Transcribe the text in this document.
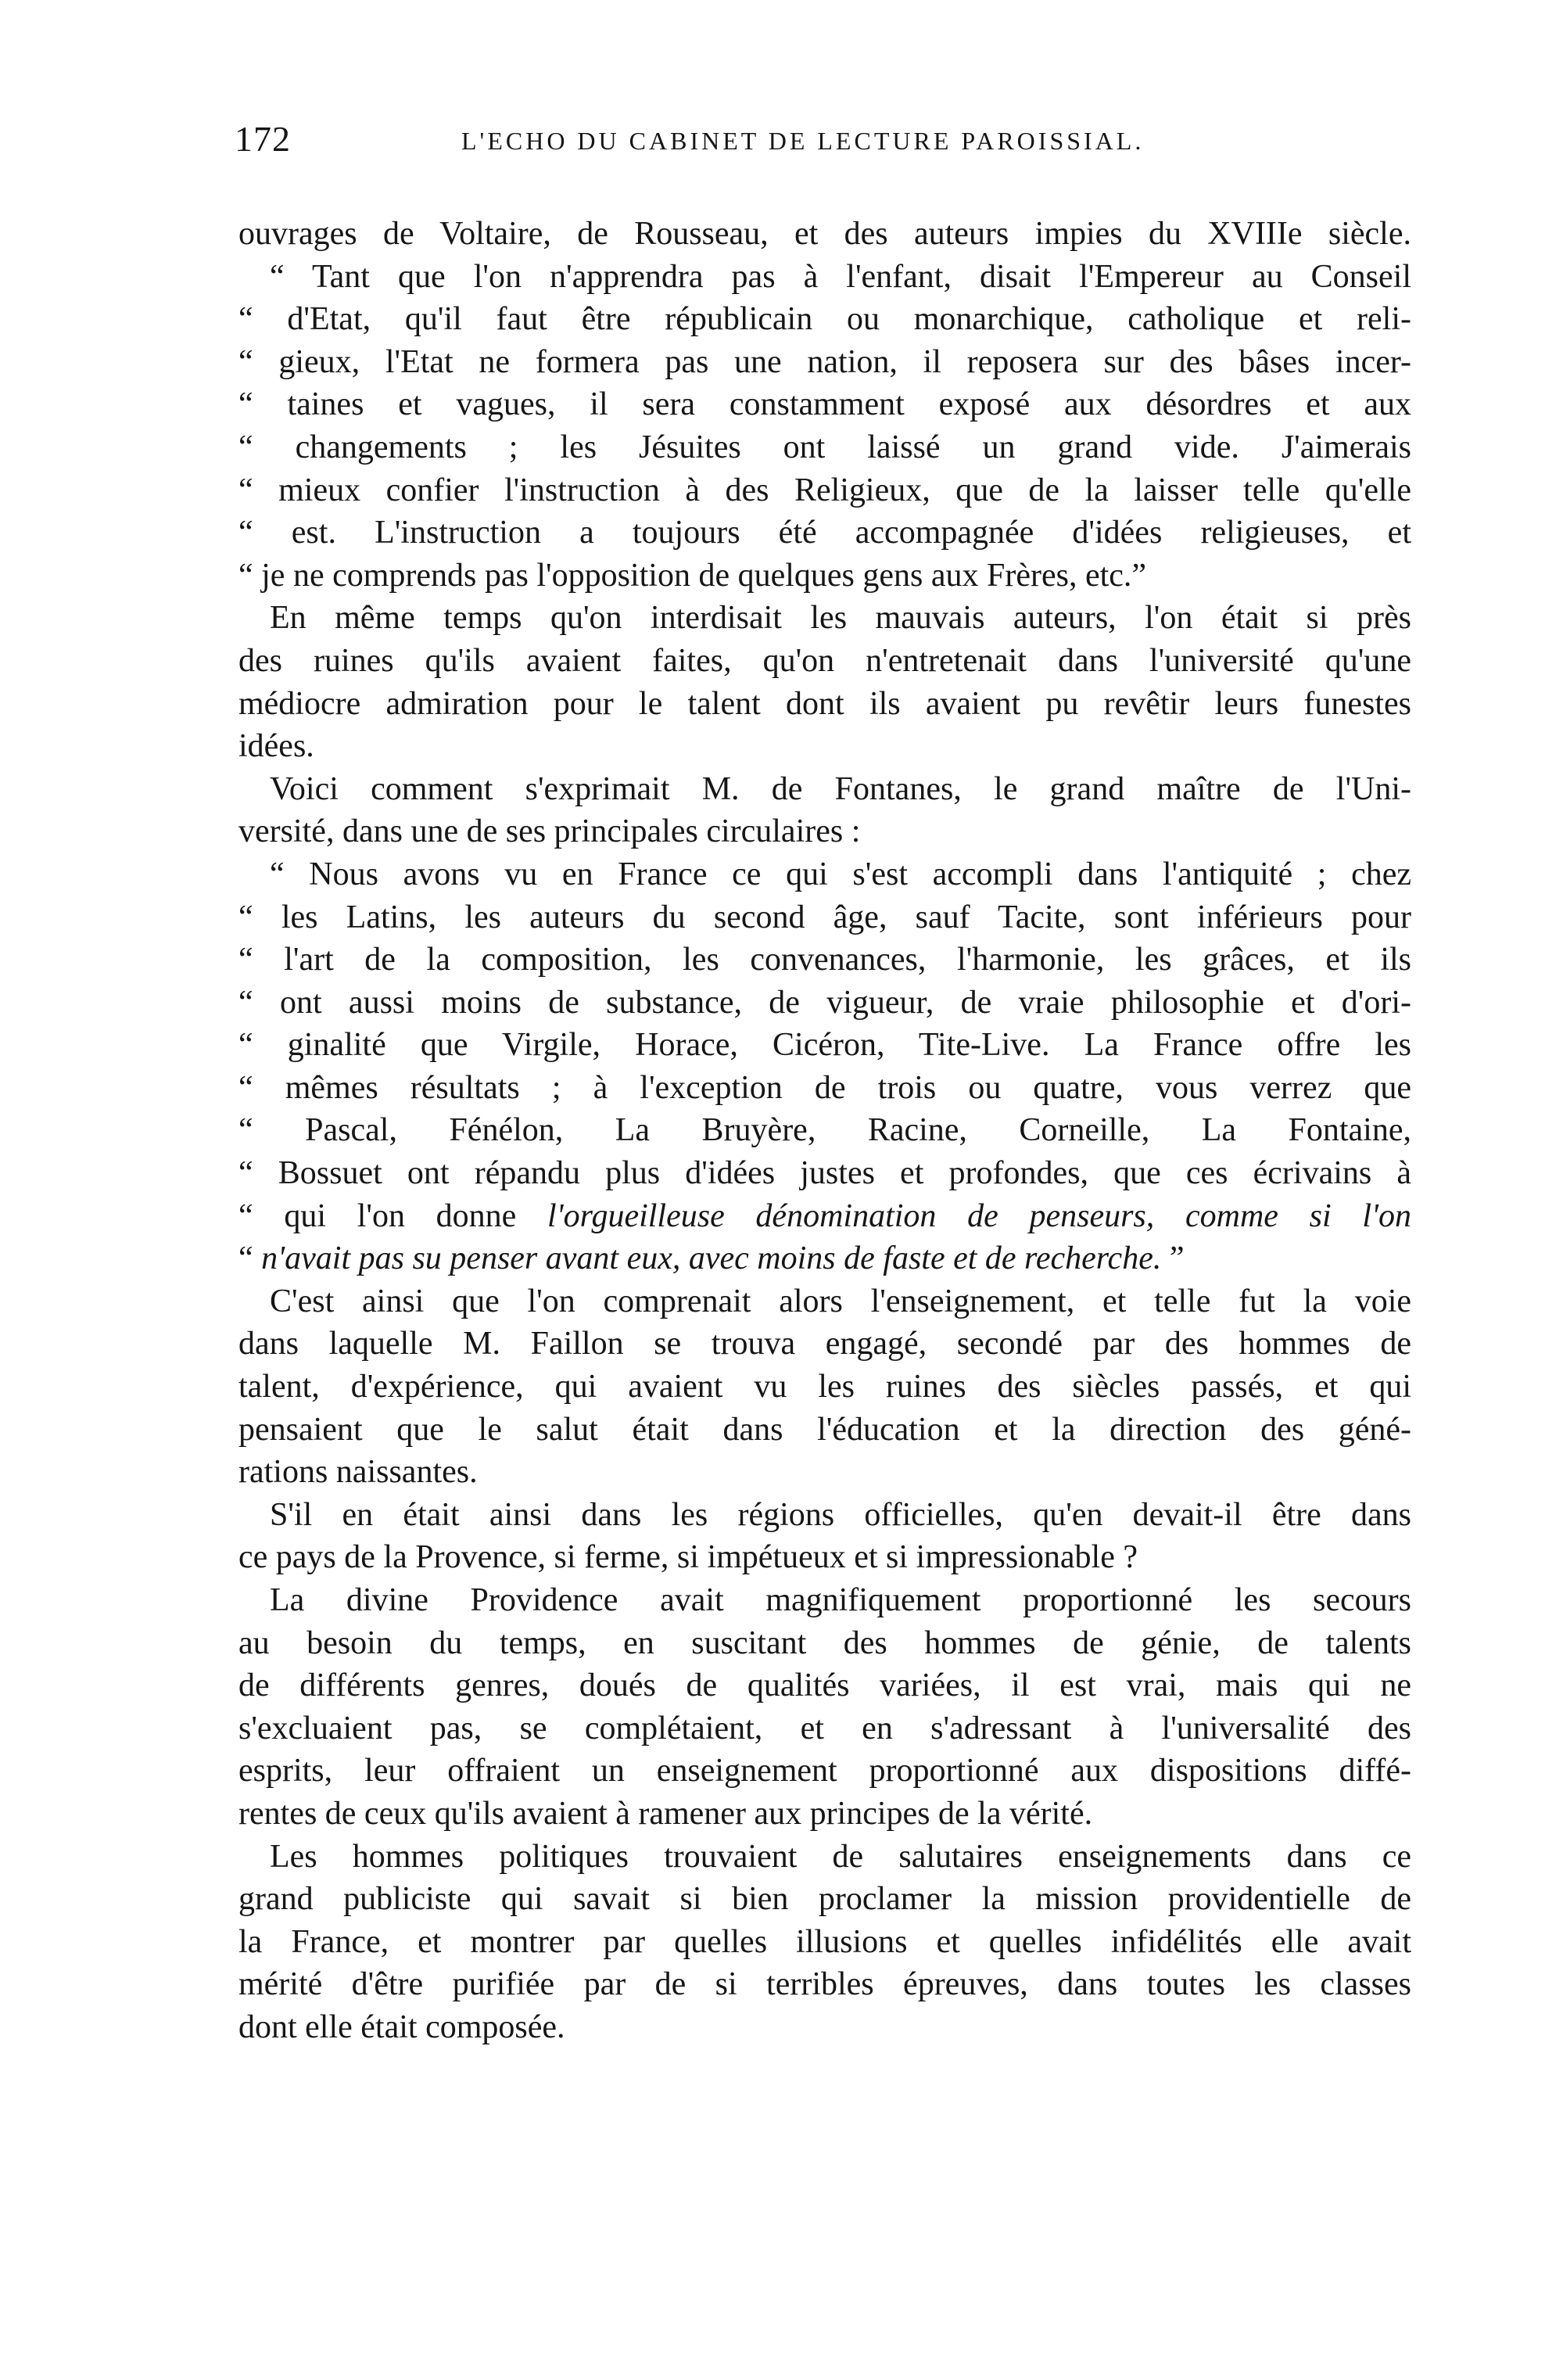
172	L'ECHO DU CABINET DE LECTURE PAROISSIAL.
ouvrages de Voltaire, de Rousseau, et des auteurs impies du XVIIIe siècle.
“ Tant que l'on n'apprendra pas à l'enfant, disait l'Empereur au Conseil
“ d'Etat, qu'il faut être républicain ou monarchique, catholique et reli-
“ gieux, l'Etat ne formera pas une nation, il reposera sur des bâses incer-
“ taines et vagues, il sera constamment exposé aux désordres et aux
“ changements ; les Jésuites ont laissé un grand vide. J'aimerais
“ mieux confier l'instruction à des Religieux, que de la laisser telle qu'elle
“ est. L'instruction a toujours été accompagnée d'idées religieuses, et
“ je ne comprends pas l'opposition de quelques gens aux Frères, etc.”
En même temps qu'on interdisait les mauvais auteurs, l'on était si près
des ruines qu'ils avaient faites, qu'on n'entretenait dans l'université qu'une
médiocre admiration pour le talent dont ils avaient pu revêtir leurs funestes
idées.
Voici comment s'exprimait M. de Fontanes, le grand maître de l'Uni-
versité, dans une de ses principales circulaires :
“ Nous avons vu en France ce qui s'est accompli dans l'antiquité ; chez
“ les Latins, les auteurs du second âge, sauf Tacite, sont inférieurs pour
“ l'art de la composition, les convenances, l'harmonie, les grâces, et ils
“ ont aussi moins de substance, de vigueur, de vraie philosophie et d'ori-
“ ginalité que Virgile, Horace, Cicéron, Tite-Live. La France offre les
“ mêmes résultats ; à l'exception de trois ou quatre, vous verrez que
“ Pascal, Fénélon, La Bruyère, Racine, Corneille, La Fontaine,
“ Bossuet ont répandu plus d'idées justes et profondes, que ces écrivains à
“ qui l'on donne l'orgueilleuse dénomination de penseurs, comme si l'on
“ n'avait pas su penser avant eux, avec moins de faste et de recherche. ”
C'est ainsi que l'on comprenait alors l'enseignement, et telle fut la voie
dans laquelle M. Faillon se trouva engagé, secondé par des hommes de
talent, d'expérience, qui avaient vu les ruines des siècles passés, et qui
pensaient que le salut était dans l'éducation et la direction des géné-
rations naissantes.
S'il en était ainsi dans les régions officielles, qu'en devait-il être dans
ce pays de la Provence, si ferme, si impétueux et si impressionable ?
La divine Providence avait magnifiquement proportionné les secours
au besoin du temps, en suscitant des hommes de génie, de talents
de différents genres, doués de qualités variées, il est vrai, mais qui ne
s'excluaient pas, se complétaient, et en s'adressant à l'universalité des
esprits, leur offraient un enseignement proportionné aux dispositions diffé-
rentes de ceux qu'ils avaient à ramener aux principes de la vérité.
Les hommes politiques trouvaient de salutaires enseignements dans ce
grand publiciste qui savait si bien proclamer la mission providentielle de
la France, et montrer par quelles illusions et quelles infidélités elle avait
mérité d'être purifiée par de si terribles épreuves, dans toutes les classes
dont elle était composée.
